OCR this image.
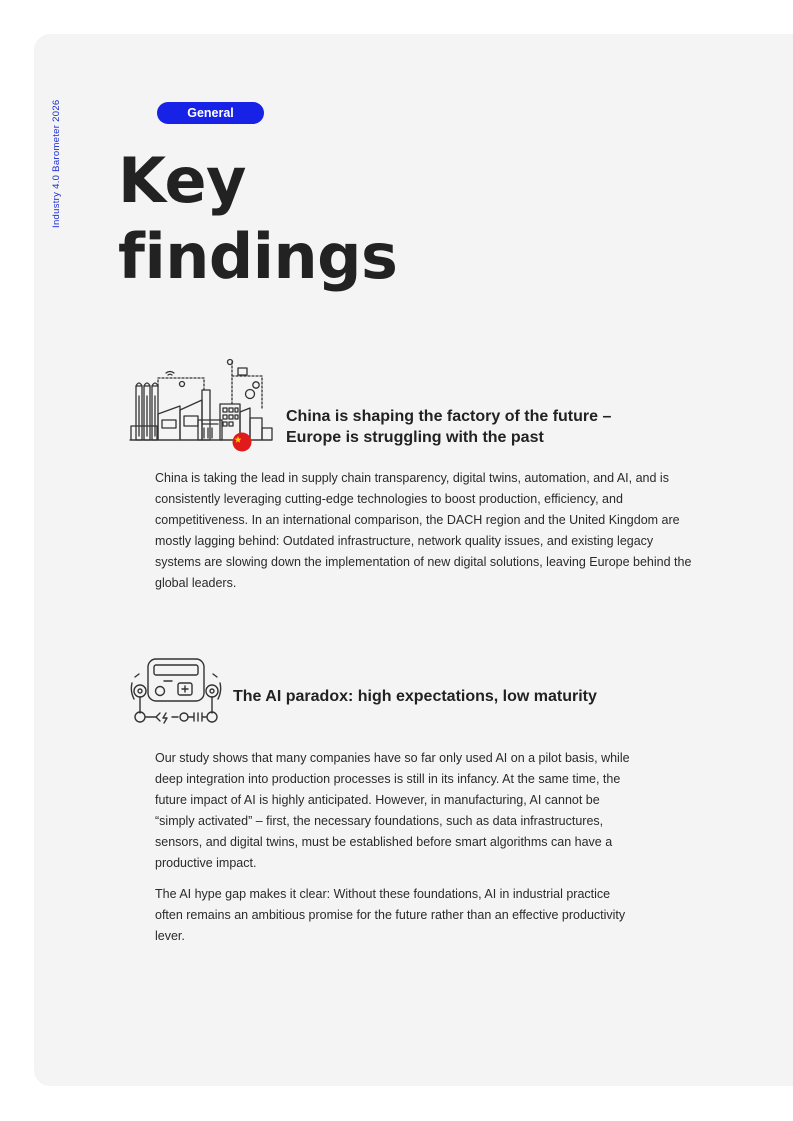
Industry 4.0 Barometer 2026	General
Key
findings
China is shaping the factory of the future –
Europe is struggling with the past

China is taking the lead in supply chain transparency, digital twins, automation, and AI, and is consistently leveraging cutting-edge technologies to boost production, efficiency, and competitiveness. In an international comparison, the DACH region and the United Kingdom are mostly lagging behind: Outdated infrastructure, network quality issues, and existing legacy systems are slowing down the implementation of new digital solutions, leaving Europe behind the global leaders.

The AI paradox: high expectations, low maturity

Our study shows that many companies have so far only used AI on a pilot basis, while deep integration into production processes is still in its infancy. At the same time, the future impact of AI is highly anticipated. However, in manufacturing, AI cannot be “simply activated” – first, the necessary foundations, such as data infrastructures, sensors, and digital twins, must be established before smart algorithms can have a productive impact.

The AI hype gap makes it clear: Without these foundations, AI in industrial practice often remains an ambitious promise for the future rather than an effective productivity lever.
